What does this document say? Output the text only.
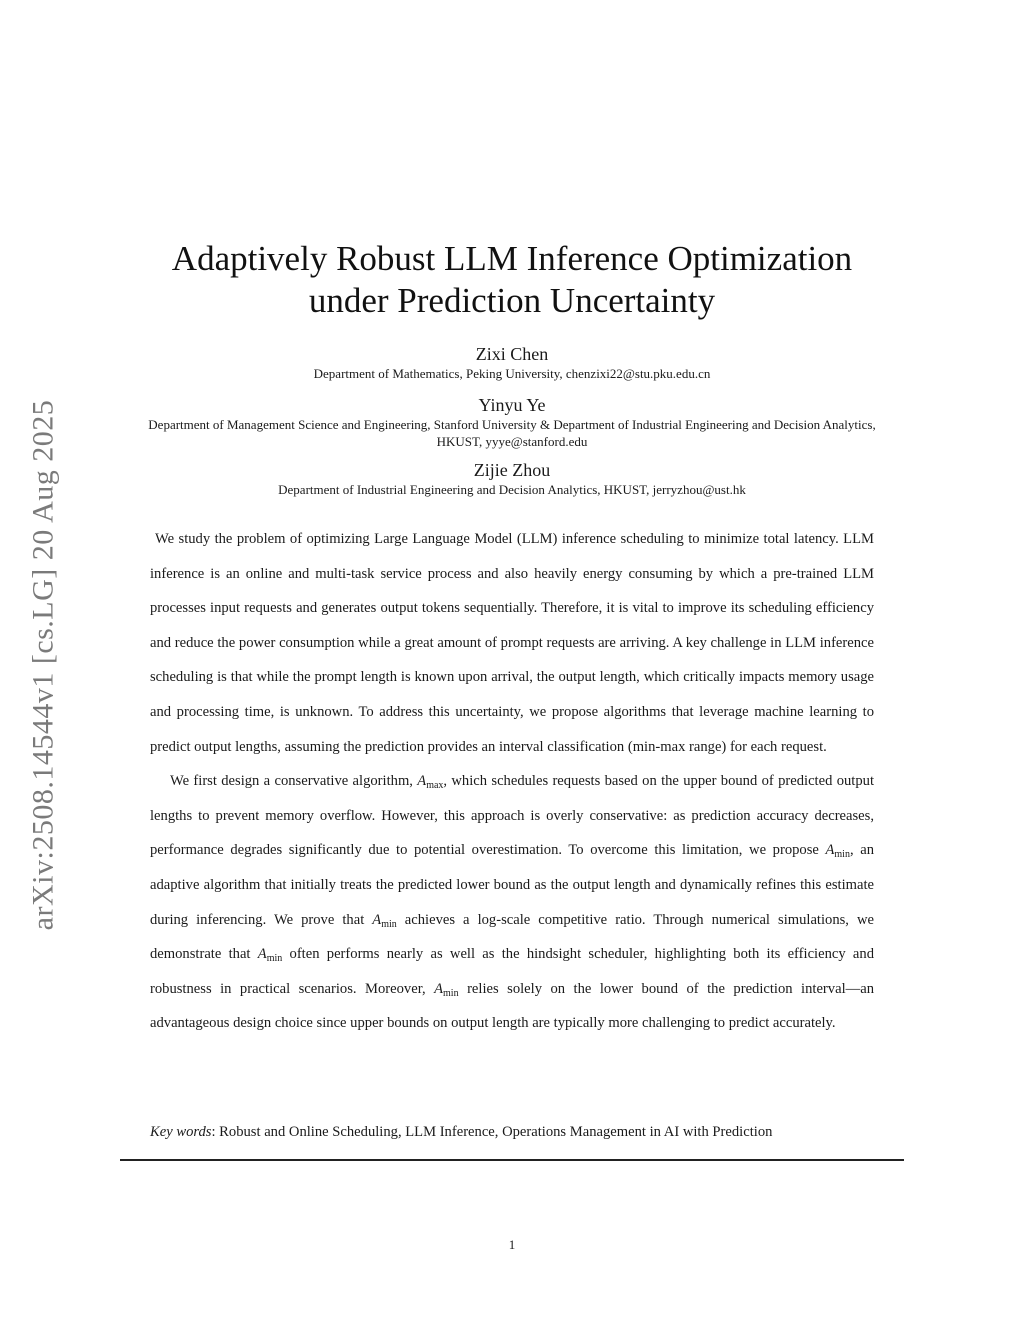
arXiv:2508.14544v1 [cs.LG] 20 Aug 2025
Adaptively Robust LLM Inference Optimization
under Prediction Uncertainty
Zixi Chen
Department of Mathematics, Peking University, chenzixi22@stu.pku.edu.cn
Yinyu Ye
Department of Management Science and Engineering, Stanford University & Department of Industrial Engineering and Decision Analytics, HKUST, yyye@stanford.edu
Zijie Zhou
Department of Industrial Engineering and Decision Analytics, HKUST, jerryzhou@ust.hk

We study the problem of optimizing Large Language Model (LLM) inference scheduling to minimize total latency. LLM inference is an online and multi-task service process and also heavily energy consuming by which a pre-trained LLM processes input requests and generates output tokens sequentially. Therefore, it is vital to improve its scheduling efficiency and reduce the power consumption while a great amount of prompt requests are arriving. A key challenge in LLM inference scheduling is that while the prompt length is known upon arrival, the output length, which critically impacts memory usage and processing time, is unknown. To address this uncertainty, we propose algorithms that leverage machine learning to predict output lengths, assuming the prediction provides an interval classification (min-max range) for each request.

We first design a conservative algorithm, $A_{max}$, which schedules requests based on the upper bound of predicted output lengths to prevent memory overflow. However, this approach is overly conservative: as prediction accuracy decreases, performance degrades significantly due to potential overestimation. To overcome this limitation, we propose $A_{min}$, an adaptive algorithm that initially treats the predicted lower bound as the output length and dynamically refines this estimate during inferencing. We prove that $A_{min}$ achieves a log-scale competitive ratio. Through numerical simulations, we demonstrate that $A_{min}$ often performs nearly as well as the hindsight scheduler, highlighting both its efficiency and robustness in practical scenarios. Moreover, $A_{min}$ relies solely on the lower bound of the prediction interval—an advantageous design choice since upper bounds on output length are typically more challenging to predict accurately.

Key words: Robust and Online Scheduling, LLM Inference, Operations Management in AI with Prediction
1
